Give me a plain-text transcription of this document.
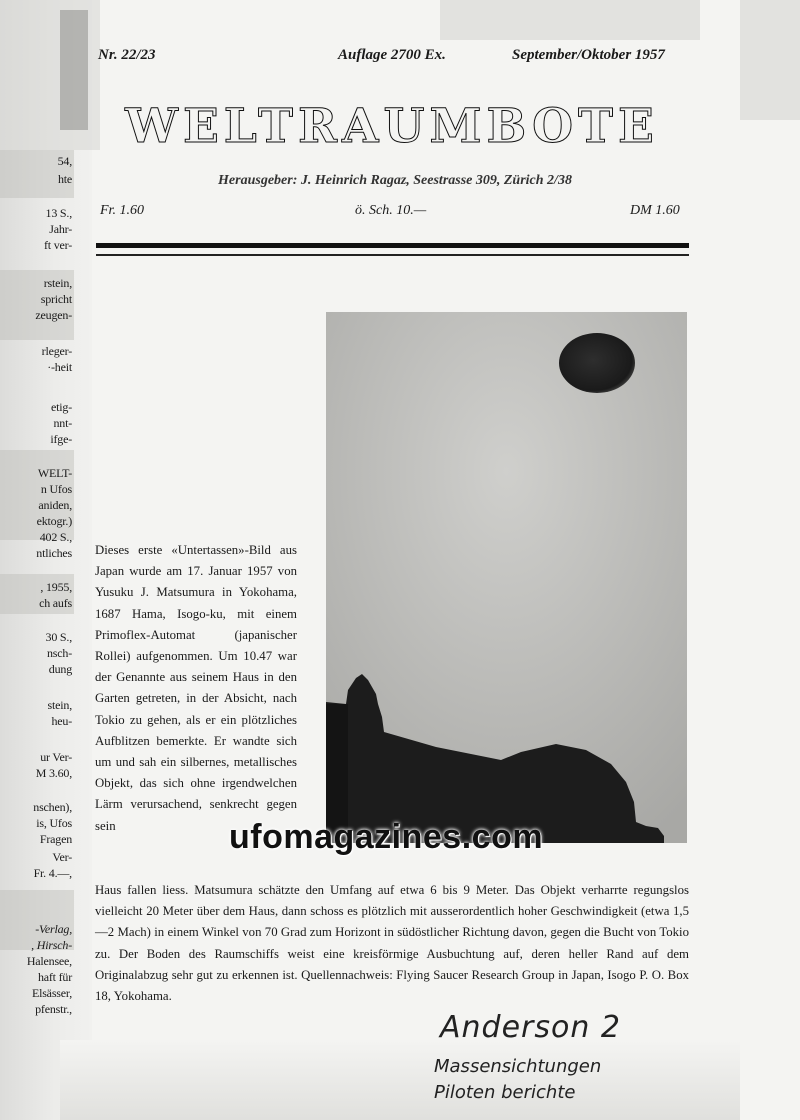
54,
hte
13 S.,
Jahr-
ft ver-
rstein,
spricht
zeugen-
rleger-
·-heit
etig-
nnt-
ifge-
WELT-
n Ufos
aniden,
ektogr.)
402 S.,
ntliches
, 1955,
ch aufs
30 S.,
nsch-
dung
stein,
heu-
ur Ver-
M 3.60,
nschen),
is, Ufos
Fragen
Ver-
Fr. 4.—,
-Verlag,
, Hirsch-
Halensee,
haft für
Elsässer,
pfenstr.,
Nr. 22/23	Auflage 2700 Ex.	September/Oktober 1957
WELTRAUMBOTE
Herausgeber: J. Heinrich Ragaz, Seestrasse 309, Zürich 2/38
Fr. 1.60	ö. Sch. 10.—	DM 1.60
Dieses erste «Untertassen»-Bild aus Japan wurde am 17. Januar 1957 von Yusuku J. Matsumura in Yokohama, 1687 Hama, Isogo-ku, mit einem Primoflex-Automat (japanischer Rollei) aufgenommen. Um 10.47 war der Genannte aus seinem Haus in den Garten getreten, in der Absicht, nach Tokio zu gehen, als er ein plötzliches Aufblitzen bemerkte. Er wandte sich um und sah ein silbernes, metallisches Objekt, das sich ohne irgendwelchen Lärm verursachend, senkrecht gegen sein
Haus fallen liess. Matsumura schätzte den Umfang auf etwa 6 bis 9 Meter. Das Objekt verharrte regungslos vielleicht 20 Meter über dem Haus, dann schoss es plötzlich mit ausserordentlich hoher Geschwindigkeit (etwa 1,5—2 Mach) in einem Winkel von 70 Grad zum Horizont in südöstlicher Richtung davon, gegen die Bucht von Tokio zu. Der Boden des Raumschiffs weist eine kreisförmige Ausbuchtung auf, deren heller Rand auf dem Originalabzug sehr gut zu erkennen ist. Quellennachweis: Flying Saucer Research Group in Japan, Isogo P. O. Box 18, Yokohama.
ufomagazines.com
Anderson 2
Massensichtungen
Piloten berichte
